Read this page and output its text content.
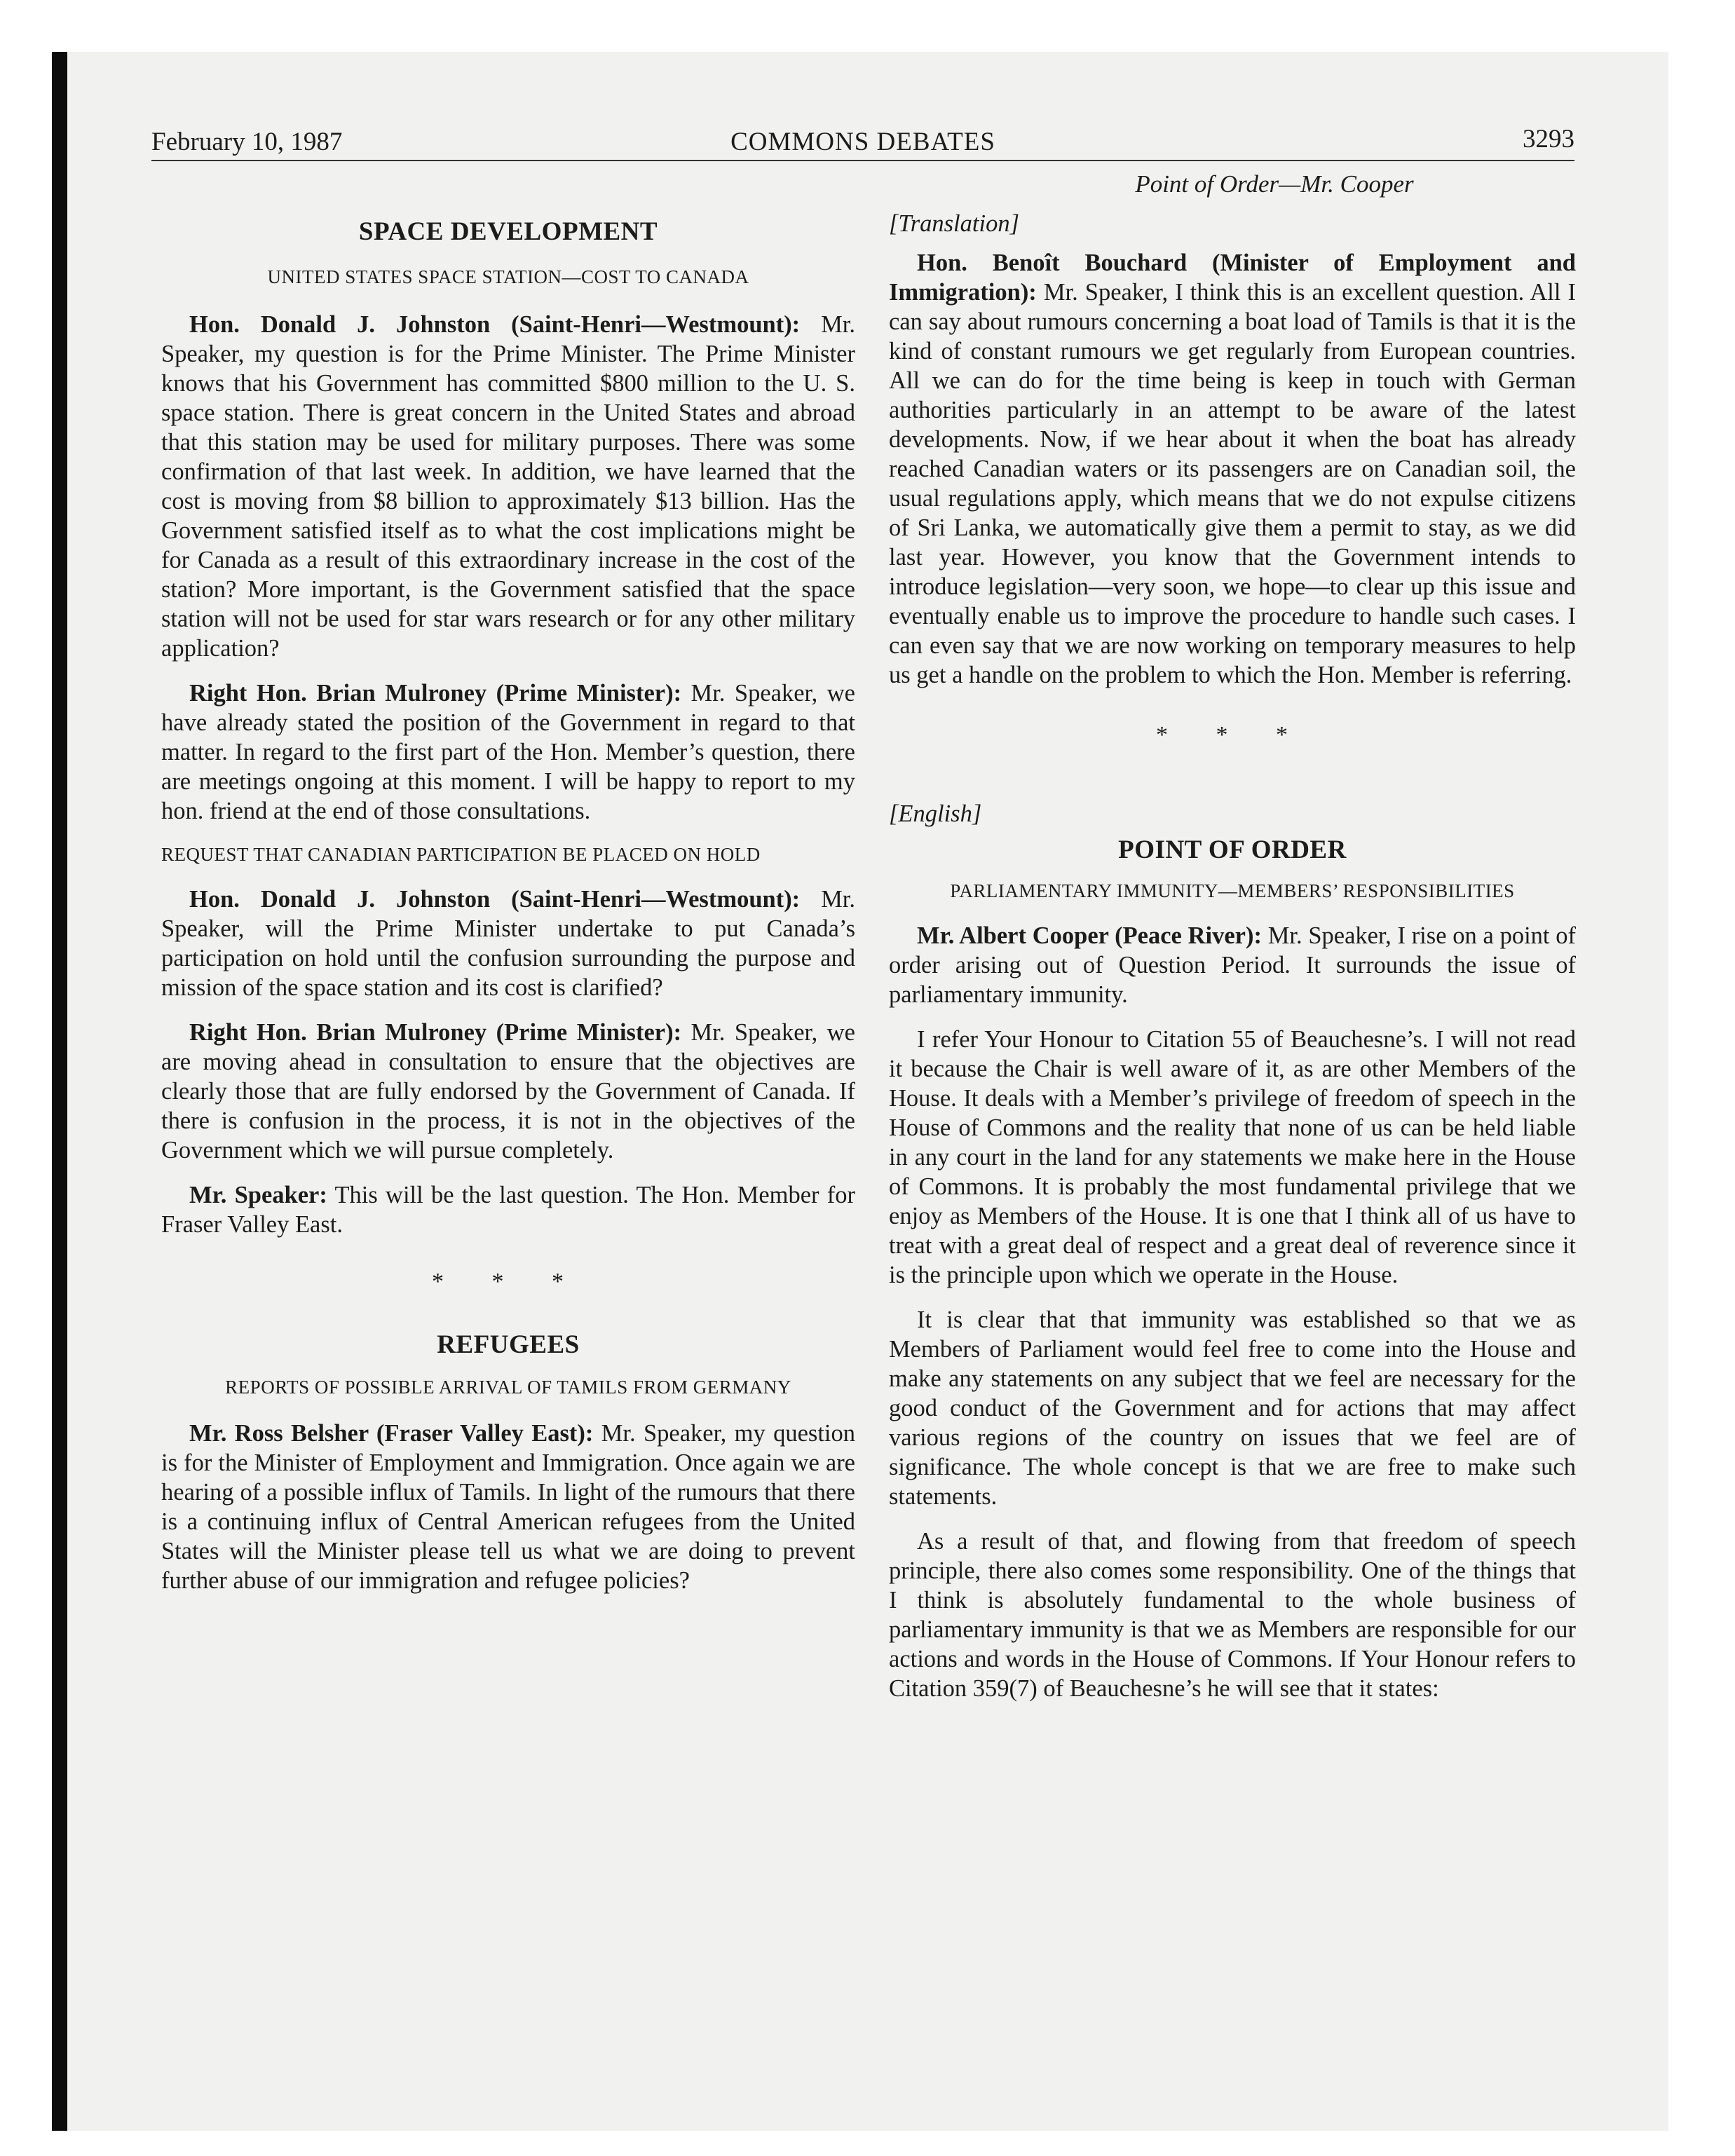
February 10, 1987	COMMONS DEBATES	3293
SPACE DEVELOPMENT
UNITED STATES SPACE STATION—COST TO CANADA

Hon. Donald J. Johnston (Saint-Henri—Westmount): Mr. Speaker, my question is for the Prime Minister. The Prime Minister knows that his Government has committed $800 million to the U. S. space station. There is great concern in the United States and abroad that this station may be used for military purposes. There was some confirmation of that last week. In addition, we have learned that the cost is moving from $8 billion to approximately $13 billion. Has the Government satisfied itself as to what the cost implications might be for Canada as a result of this extraordinary increase in the cost of the station? More important, is the Government satisfied that the space station will not be used for star wars research or for any other military application?

Right Hon. Brian Mulroney (Prime Minister): Mr. Speaker, we have already stated the position of the Government in regard to that matter. In regard to the first part of the Hon. Member’s question, there are meetings ongoing at this moment. I will be happy to report to my hon. friend at the end of those consultations.

REQUEST THAT CANADIAN PARTICIPATION BE PLACED ON HOLD

Hon. Donald J. Johnston (Saint-Henri—Westmount): Mr. Speaker, will the Prime Minister undertake to put Canada’s participation on hold until the confusion surrounding the purpose and mission of the space station and its cost is clarified?

Right Hon. Brian Mulroney (Prime Minister): Mr. Speaker, we are moving ahead in consultation to ensure that the objectives are clearly those that are fully endorsed by the Government of Canada. If there is confusion in the process, it is not in the objectives of the Government which we will pursue completely.

Mr. Speaker: This will be the last question. The Hon. Member for Fraser Valley East.

* * *
REFUGEES
REPORTS OF POSSIBLE ARRIVAL OF TAMILS FROM GERMANY

Mr. Ross Belsher (Fraser Valley East): Mr. Speaker, my question is for the Minister of Employment and Immigration. Once again we are hearing of a possible influx of Tamils. In light of the rumours that there is a continuing influx of Central American refugees from the United States will the Minister please tell us what we are doing to prevent further abuse of our immigration and refugee policies?

Point of Order—Mr. Cooper
[Translation]

Hon. Benoît Bouchard (Minister of Employment and Immigration): Mr. Speaker, I think this is an excellent question. All I can say about rumours concerning a boat load of Tamils is that it is the kind of constant rumours we get regularly from European countries. All we can do for the time being is keep in touch with German authorities particularly in an attempt to be aware of the latest developments. Now, if we hear about it when the boat has already reached Canadian waters or its passengers are on Canadian soil, the usual regulations apply, which means that we do not expulse citizens of Sri Lanka, we automatically give them a permit to stay, as we did last year. However, you know that the Government intends to introduce legislation—very soon, we hope—to clear up this issue and eventually enable us to improve the procedure to handle such cases. I can even say that we are now working on temporary measures to help us get a handle on the problem to which the Hon. Member is referring.

* * *
[English]
POINT OF ORDER
PARLIAMENTARY IMMUNITY—MEMBERS’ RESPONSIBILITIES

Mr. Albert Cooper (Peace River): Mr. Speaker, I rise on a point of order arising out of Question Period. It surrounds the issue of parliamentary immunity.

I refer Your Honour to Citation 55 of Beauchesne’s. I will not read it because the Chair is well aware of it, as are other Members of the House. It deals with a Member’s privilege of freedom of speech in the House of Commons and the reality that none of us can be held liable in any court in the land for any statements we make here in the House of Commons. It is probably the most fundamental privilege that we enjoy as Members of the House. It is one that I think all of us have to treat with a great deal of respect and a great deal of reverence since it is the principle upon which we operate in the House.

It is clear that that immunity was established so that we as Members of Parliament would feel free to come into the House and make any statements on any subject that we feel are necessary for the good conduct of the Government and for actions that may affect various regions of the country on issues that we feel are of significance. The whole concept is that we are free to make such statements.

As a result of that, and flowing from that freedom of speech principle, there also comes some responsibility. One of the things that I think is absolutely fundamental to the whole business of parliamentary immunity is that we as Members are responsible for our actions and words in the House of Commons. If Your Honour refers to Citation 359(7) of Beauchesne’s he will see that it states:
